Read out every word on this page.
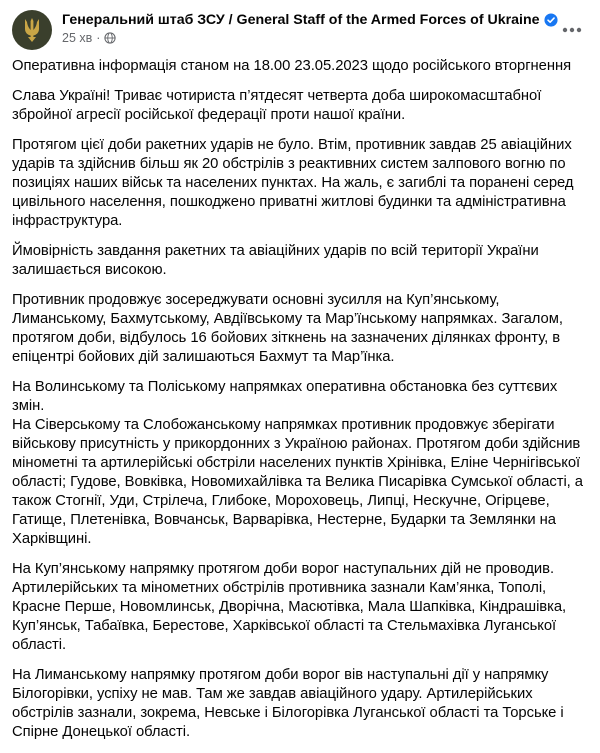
Генеральний штаб ЗСУ / General Staff of the Armed Forces of Ukraine
25 хв ·

Оперативна інформація станом на 18.00 23.05.2023 щодо російського вторгнення

Слава Україні! Триває чотириста п’ятдесят четверта доба широкомасштабної збройної агресії російської федерації проти нашої країни.

Протягом цієї доби ракетних ударів не було. Втім, противник завдав 25 авіаційних ударів та здійснив більш як 20 обстрілів з реактивних систем залпового вогню по позиціях наших військ та населених пунктах. На жаль, є загиблі та поранені серед цивільного населення, пошкоджено приватні житлові будинки та адміністративна інфраструктура.

Ймовірність завдання ракетних та авіаційних ударів по всій території України залишається високою.

Противник продовжує зосереджувати основні зусилля на Куп’янському, Лиманському, Бахмутському, Авдіївському та Мар’їнському напрямках. Загалом, протягом доби, відбулось 16 бойових зіткнень на зазначених ділянках фронту, в епіцентрі бойових дій залишаються Бахмут та Мар’їнка.

На Волинському та Поліському напрямках оперативна обстановка без суттєвих змін.

На Сіверському та Слобожанському напрямках противник продовжує зберігати військову присутність у прикордонних з Україною районах. Протягом доби здійснив мінометні та артилерійські обстріли населених пунктів Хрінівка, Еліне Чернігівської області; Гудове, Вовківка, Новомихайлівка та Велика Писарівка Сумської області, а також Стогнії, Уди, Стрілеча, Глибоке, Мороховець, Липці, Нескучне, Огірцеве, Гатище, Плетенівка, Вовчанськ, Варварівка, Нестерне, Бударки та Землянки на Харківщині.

На Куп’янському напрямку протягом доби ворог наступальних дій не проводив. Артилерійських та мінометних обстрілів противника зазнали Кам’янка, Тополі, Красне Перше, Новомлинськ, Дворічна, Масютівка, Мала Шапківка, Кіндрашівка, Куп’янськ, Табаївка, Берестове, Харківської області та Стельмахівка Луганської області.

На Лиманському напрямку протягом доби ворог вів наступальні дії у напрямку Білогорівки, успіху не мав. Там же завдав авіаційного удару. Артилерійських обстрілів зазнали, зокрема, Невське і Білогорівка Луганської області та Торське і Спірне Донецької області.
